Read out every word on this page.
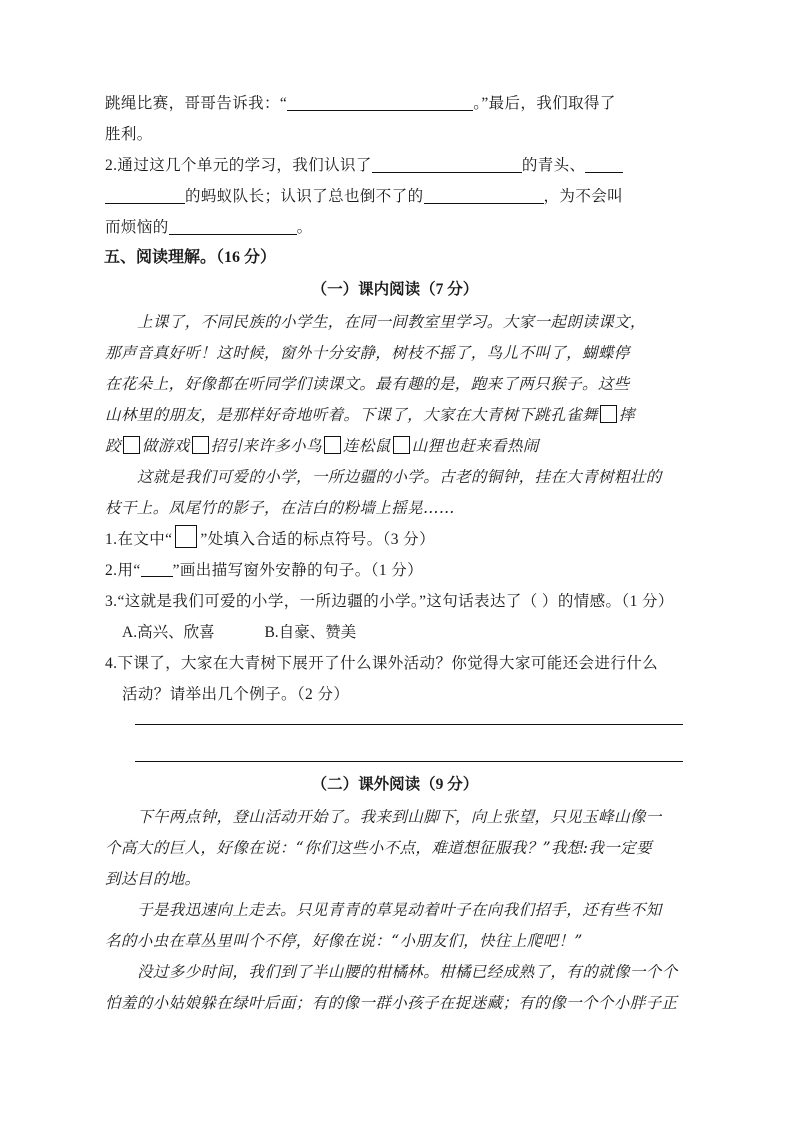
跳绳比赛，哥哥告诉我：“	。”最后，我们取得了
胜利。
2.通过这几个单元的学习，我们认识了	的青头、
的蚂蚁队长；认识了总也倒不了的	，为不会叫
而烦恼的	。
五、阅读理解。（16 分）
（一）课内阅读（7 分）
上课了，不同民族的小学生，在同一间教室里学习。大家一起朗读课文，
那声音真好听！这时候，窗外十分安静，树枝不摇了，鸟儿不叫了，蝴蝶停
在花朵上，好像都在听同学们读课文。最有趣的是，跑来了两只猴子。这些
山林里的朋友，是那样好奇地听着。下课了，大家在大青树下跳孔雀舞 摔
跤 做游戏 招引来许多小鸟 连松鼠 山狸也赶来看热闹
这就是我们可爱的小学，一所边疆的小学。古老的铜钟，挂在大青树粗壮的
枝干上。凤尾竹的影子，在洁白的粉墙上摇晃……
1.在文中“ ”处填入合适的标点符号。（3 分）
2.用“ ”画出描写窗外安静的句子。（1 分）
3.“这就是我们可爱的小学，一所边疆的小学。”这句话表达了（ ）的情感。（1 分）
A.高兴、欣喜	B.自豪、赞美
4.下课了，大家在大青树下展开了什么课外活动？你觉得大家可能还会进行什么
活动？请举出几个例子。（2 分）
（二）课外阅读（9 分）
下午两点钟，登山活动开始了。我来到山脚下，向上张望，只见玉峰山像一
个高大的巨人，好像在说：“你们这些小不点，难道想征服我？”我想:我一定要
到达目的地。
于是我迅速向上走去。只见青青的草晃动着叶子在向我们招手，还有些不知
名的小虫在草丛里叫个不停，好像在说：“小朋友们，快往上爬吧！”
没过多少时间，我们到了半山腰的柑橘林。柑橘已经成熟了，有的就像一个个
怕羞的小姑娘躲在绿叶后面；有的像一群小孩子在捉迷藏；有的像一个个小胖子正
